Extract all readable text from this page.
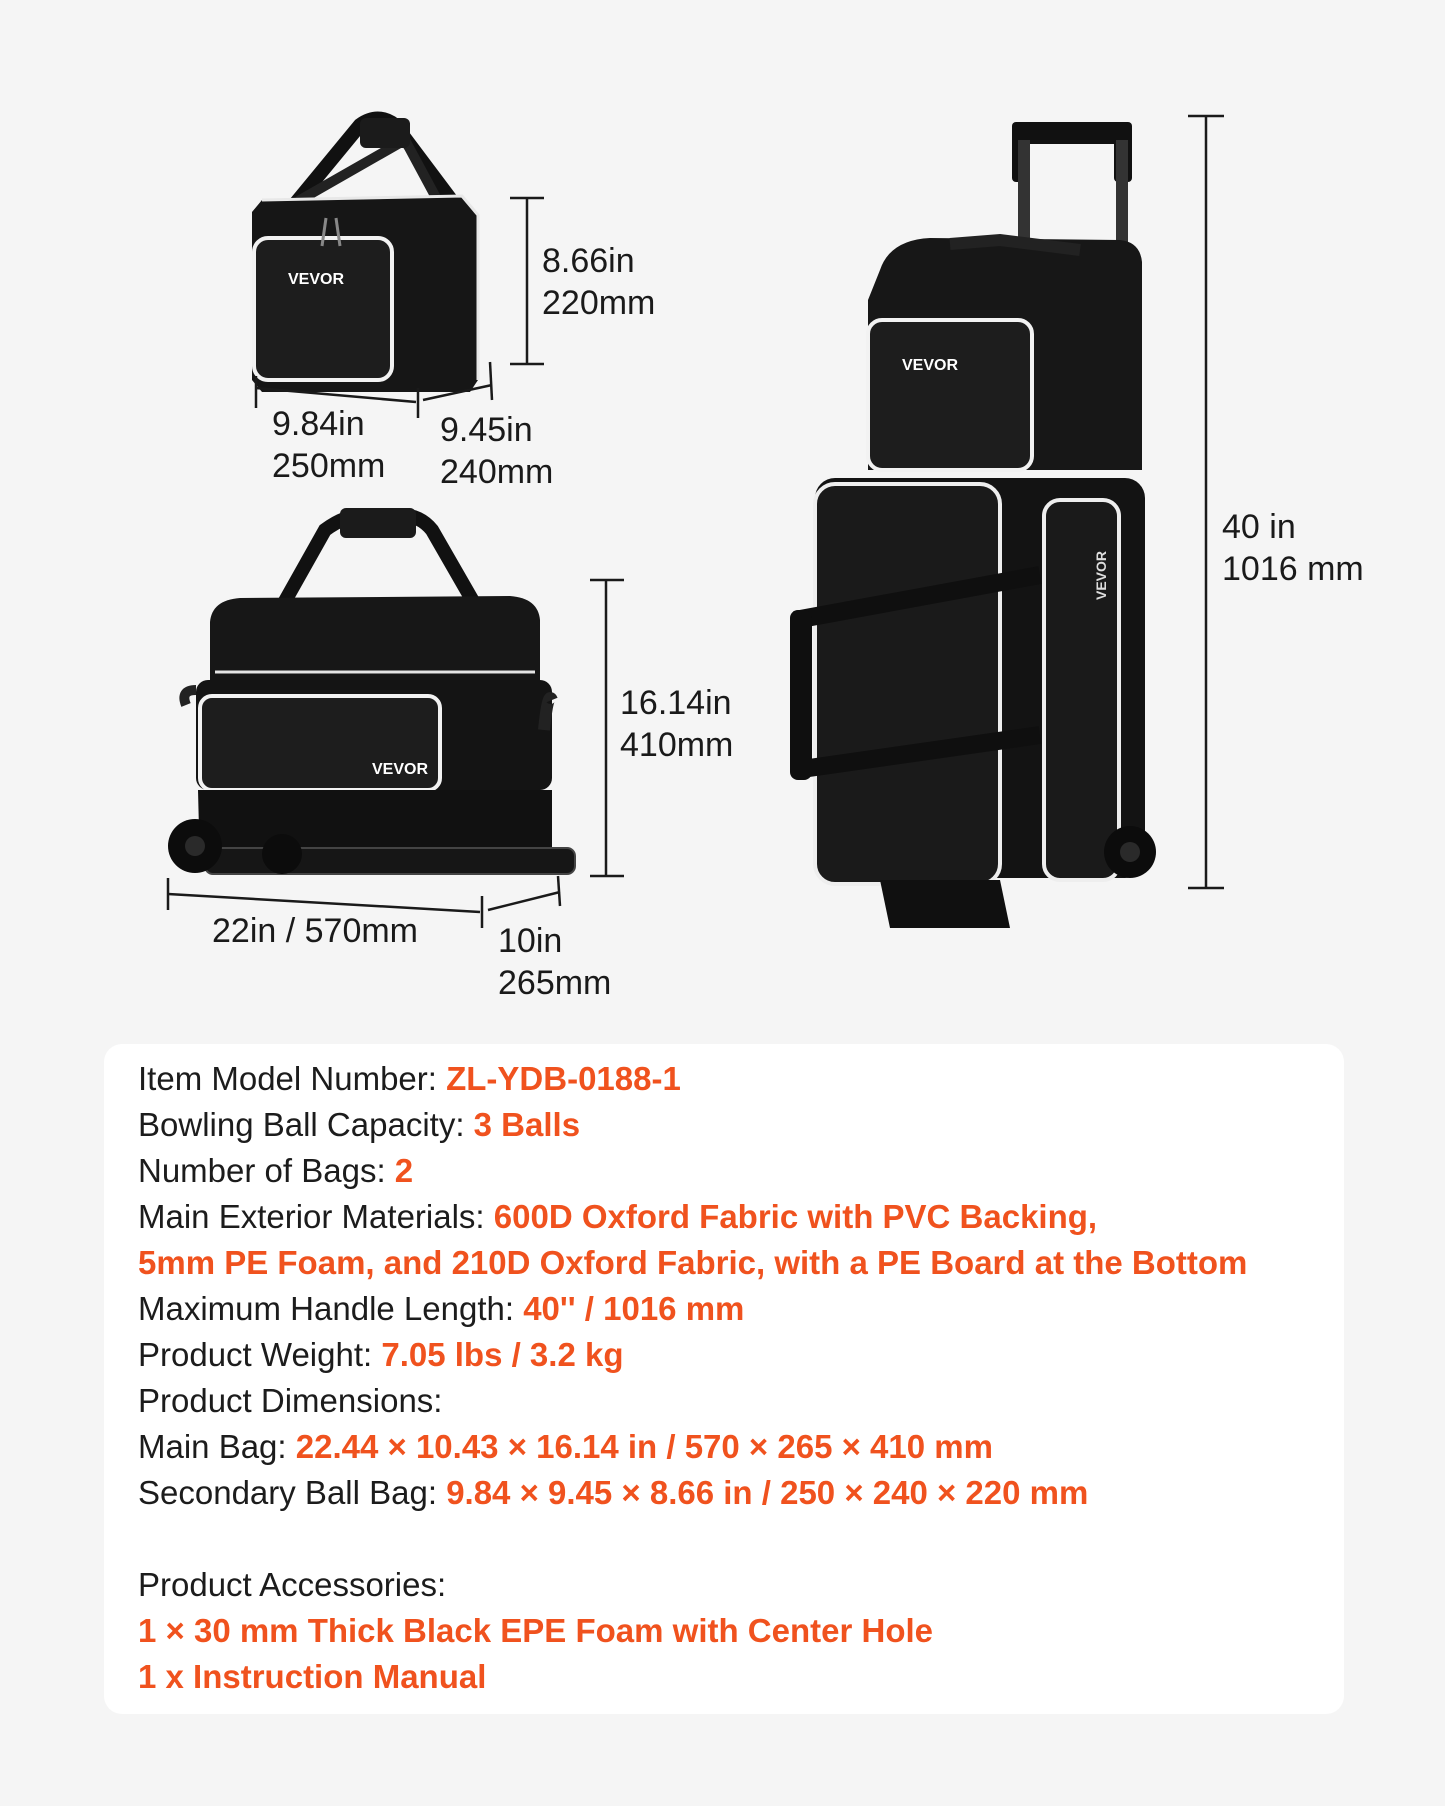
VEVOR
VEVOR
VEVOR
VEVOR
8.66in
220mm
9.84in
250mm
9.45in
240mm
16.14in
410mm
22in / 570mm 10in
265mm
40 in
1016 mm
Item Model Number: ZL-YDB-0188-1
Bowling Ball Capacity: 3 Balls
Number of Bags: 2
Main Exterior Materials: 600D Oxford Fabric with PVC Backing,
5mm PE Foam, and 210D Oxford Fabric, with a PE Board at the Bottom
Maximum Handle Length: 40'' / 1016 mm
Product Weight: 7.05 lbs / 3.2 kg
Product Dimensions:
Main Bag: 22.44 × 10.43 × 16.14 in / 570 × 265 × 410 mm
Secondary Ball Bag: 9.84 × 9.45 × 8.66 in / 250 × 240 × 220 mm
Product Accessories:
1 × 30 mm Thick Black EPE Foam with Center Hole
1 x Instruction Manual
